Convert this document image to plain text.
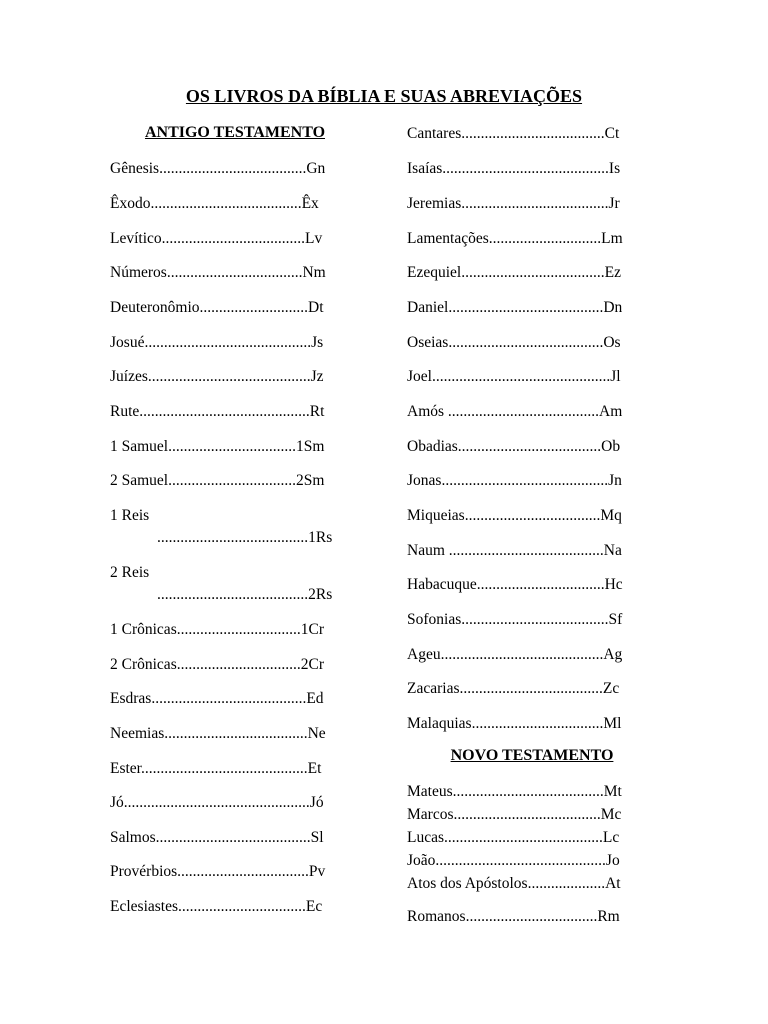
OS LIVROS DA BÍBLIA E SUAS ABREVIAÇÕES
ANTIGO TESTAMENTO
Gênesis......................................Gn
Êxodo.......................................Êx
Levítico.....................................Lv
Números...................................Nm
Deuteronômio............................Dt
Josué...........................................Js
Juízes..........................................Jz
Rute............................................Rt
1 Samuel.................................1Sm
2 Samuel.................................2Sm
1 Reis
.......................................1Rs
2 Reis
.......................................2Rs
1 Crônicas................................1Cr
2 Crônicas................................2Cr
Esdras........................................Ed
Neemias.....................................Ne
Ester...........................................Et
Jó................................................Jó
Salmos........................................Sl
Provérbios..................................Pv
Eclesiastes.................................Ec
Cantares.....................................Ct
Isaías...........................................Is
Jeremias......................................Jr
Lamentações.............................Lm
Ezequiel.....................................Ez
Daniel........................................Dn
Oseias........................................Os
Joel..............................................Jl
Amós .......................................Am
Obadias.....................................Ob
Jonas...........................................Jn
Miqueias...................................Mq
Naum ........................................Na
Habacuque.................................Hc
Sofonias......................................Sf
Ageu..........................................Ag
Zacarias.....................................Zc
Malaquias..................................Ml
NOVO TESTAMENTO
Mateus.......................................Mt
Marcos......................................Mc
Lucas.........................................Lc
João............................................Jo
Atos dos Apóstolos....................At
Romanos..................................Rm
